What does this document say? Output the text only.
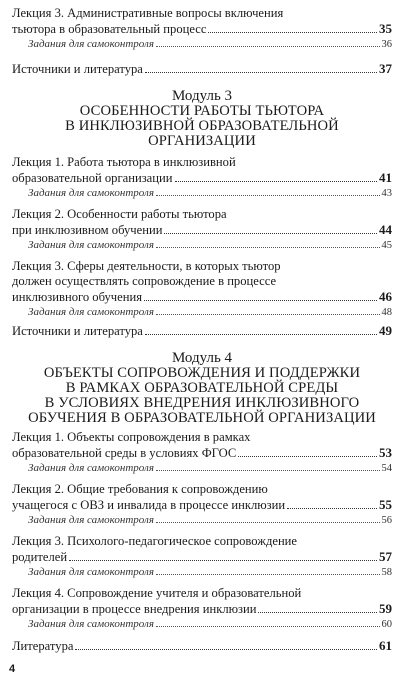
Лекция 3. Административные вопросы включения
тьютора в образовательный процесс	35
Задания для самоконтроля	36
Источники и литература	37
Модуль 3
ОСОБЕННОСТИ РАБОТЫ ТЬЮТОРА
В ИНКЛЮЗИВНОЙ ОБРАЗОВАТЕЛЬНОЙ
ОРГАНИЗАЦИИ
Лекция 1. Работа тьютора в инклюзивной
образовательной организации	41
Задания для самоконтроля	43
Лекция 2. Особенности работы тьютора
при инклюзивном обучении	44
Задания для самоконтроля	45
Лекция 3. Сферы деятельности, в которых тьютор
должен осуществлять сопровождение в процессе
инклюзивного обучения	46
Задания для самоконтроля	48
Источники и литература	49
Модуль 4
ОБЪЕКТЫ СОПРОВОЖДЕНИЯ И ПОДДЕРЖКИ
В РАМКАХ ОБРАЗОВАТЕЛЬНОЙ СРЕДЫ
В УСЛОВИЯХ ВНЕДРЕНИЯ ИНКЛЮЗИВНОГО
ОБУЧЕНИЯ В ОБРАЗОВАТЕЛЬНОЙ ОРГАНИЗАЦИИ
Лекция 1. Объекты сопровождения в рамках
образовательной среды в условиях ФГОС	53
Задания для самоконтроля	54
Лекция 2. Общие требования к сопровождению
учащегося с ОВЗ и инвалида в процессе инклюзии	55
Задания для самоконтроля	56
Лекция 3. Психолого-педагогическое сопровождение
родителей	57
Задания для самоконтроля	58
Лекция 4. Сопровождение учителя и образовательной
организации в процессе внедрения инклюзии	59
Задания для самоконтроля	60
Литература	61
4
